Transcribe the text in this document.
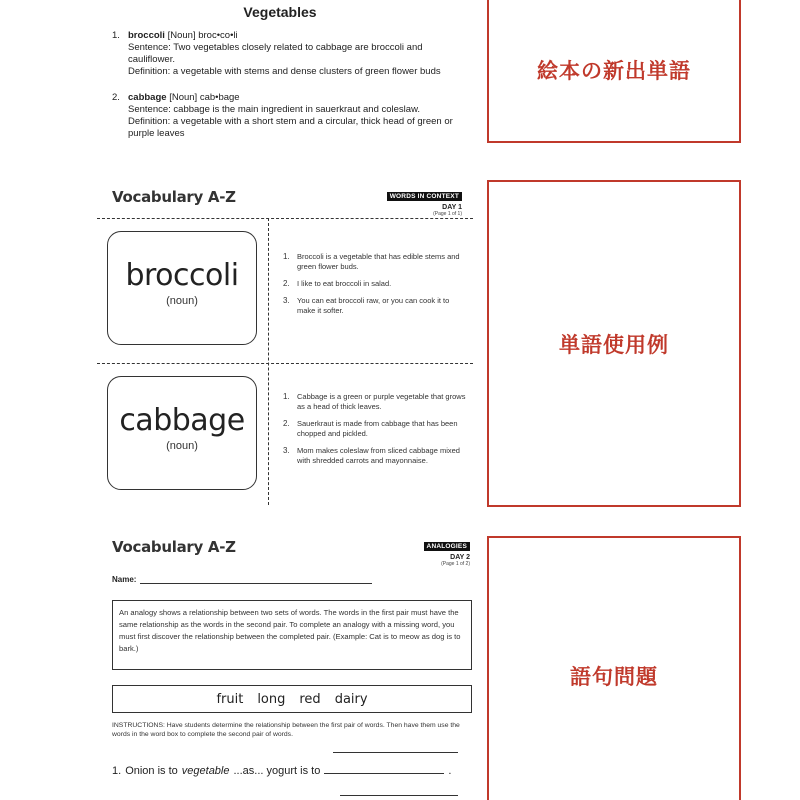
Vegetables
1. broccoli [Noun] broc•co•li
Sentence: Two vegetables closely related to cabbage are broccoli and cauliflower.
Definition: a vegetable with stems and dense clusters of green flower buds
2. cabbage [Noun] cab•bage
Sentence: cabbage is the main ingredient in sauerkraut and coleslaw.
Definition: a vegetable with a short stem and a circular, thick head of green or purple leaves
絵本の新出単語
単語使用例
語句問題
Vocabulary A-Z	WORDS IN CONTEXT
DAY 1
(Page 1 of 1)
broccoli
(noun)
1. Broccoli is a vegetable that has edible stems and green flower buds.
2. I like to eat broccoli in salad.
3. You can eat broccoli raw, or you can cook it to make it softer.
cabbage
(noun)
1. Cabbage is a green or purple vegetable that grows as a head of thick leaves.
2. Sauerkraut is made from cabbage that has been chopped and pickled.
3. Mom makes coleslaw from sliced cabbage mixed with shredded carrots and mayonnaise.
Vocabulary A-Z	ANALOGIES
DAY 2
(Page 1 of 2)
Name:
An analogy shows a relationship between two sets of words. The words in the first pair must have the same relationship as the words in the second pair. To complete an analogy with a missing word, you must first discover the relationship between the completed pair. (Example: Cat is to meow as dog is to bark.)
fruit long red dairy
INSTRUCTIONS: Have students determine the relationship between the first pair of words. Then have them use the words in the word box to complete the second pair of words.
1. Onion is to vegetable ...as... yogurt is to	.
